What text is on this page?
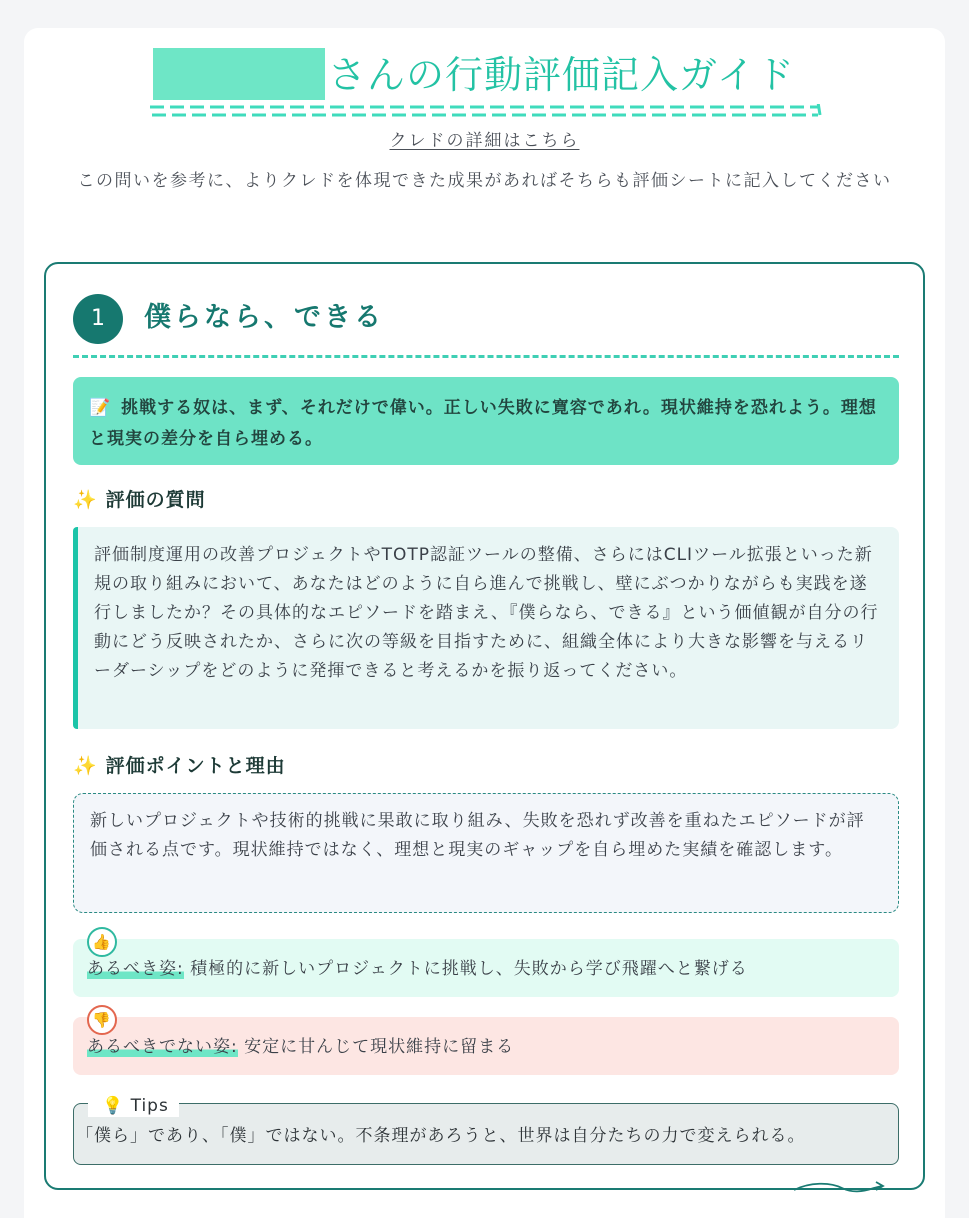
さんの行動評価記入ガイド
クレドの詳細はこちら

この問いを参考に、よりクレドを体現できた成果があればそちらも評価シートに記入してください

1	僕らなら、できる
📝 挑戦する奴は、まず、それだけで偉い。正しい失敗に寛容であれ。現状維持を恐れよう。理想と現実の差分を自ら埋める。
✨ 評価の質問
評価制度運用の改善プロジェクトやTOTP認証ツールの整備、さらにはCLIツール拡張といった新規の取り組みにおいて、あなたはどのように自ら進んで挑戦し、壁にぶつかりながらも実践を遂行しましたか？その具体的なエピソードを踏まえ、『僕らなら、できる』という価値観が自分の行動にどう反映されたか、さらに次の等級を目指すために、組織全体により大きな影響を与えるリーダーシップをどのように発揮できると考えるかを振り返ってください。
✨ 評価ポイントと理由
新しいプロジェクトや技術的挑戦に果敢に取り組み、失敗を恐れず改善を重ねたエピソードが評価される点です。現状維持ではなく、理想と現実のギャップを自ら埋めた実績を確認します。
👍
あるべき姿: 積極的に新しいプロジェクトに挑戦し、失敗から学び飛躍へと繋げる
👎
あるべきでない姿: 安定に甘んじて現状維持に留まる
💡 Tips
「僕ら」であり、「僕」ではない。不条理があろうと、世界は自分たちの力で変えられる。
